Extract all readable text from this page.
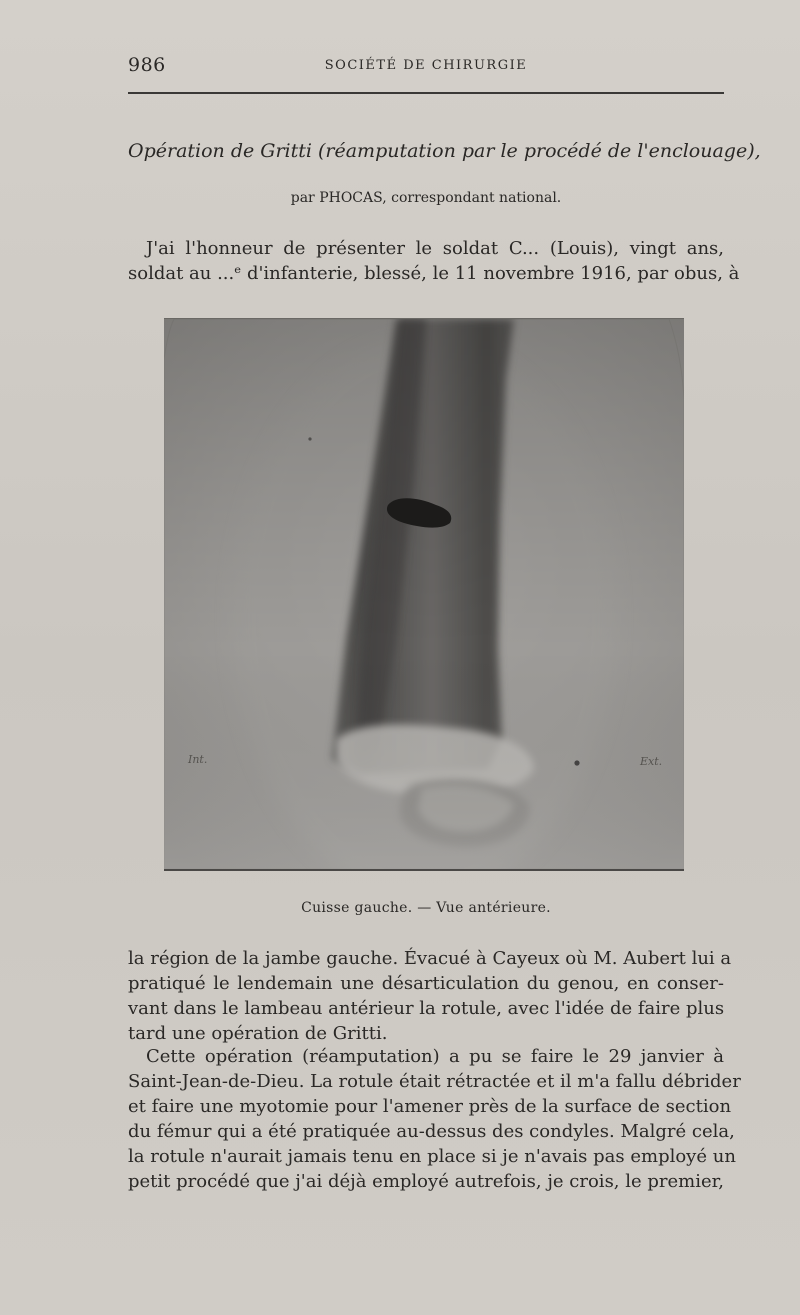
986	SOCIÉTÉ DE CHIRURGIE
Opération de Gritti (réamputation par le procédé de l'enclouage),
par PHOCAS, correspondant national.
J'ai l'honneur de présenter le soldat C... (Louis), vingt ans,
soldat au ...ᵉ d'infanterie, blessé, le 11 novembre 1916, par obus, à
Int.	Ext.
Cuisse gauche. — Vue antérieure.
la région de la jambe gauche. Évacué à Cayeux où M. Aubert lui a
pratiqué le lendemain une désarticulation du genou, en conser-
vant dans le lambeau antérieur la rotule, avec l'idée de faire plus
tard une opération de Gritti.
Cette opération (réamputation) a pu se faire le 29 janvier à
Saint-Jean-de-Dieu. La rotule était rétractée et il m'a fallu débrider
et faire une myotomie pour l'amener près de la surface de section
du fémur qui a été pratiquée au-dessus des condyles. Malgré cela,
la rotule n'aurait jamais tenu en place si je n'avais pas employé un
petit procédé que j'ai déjà employé autrefois, je crois, le premier,
